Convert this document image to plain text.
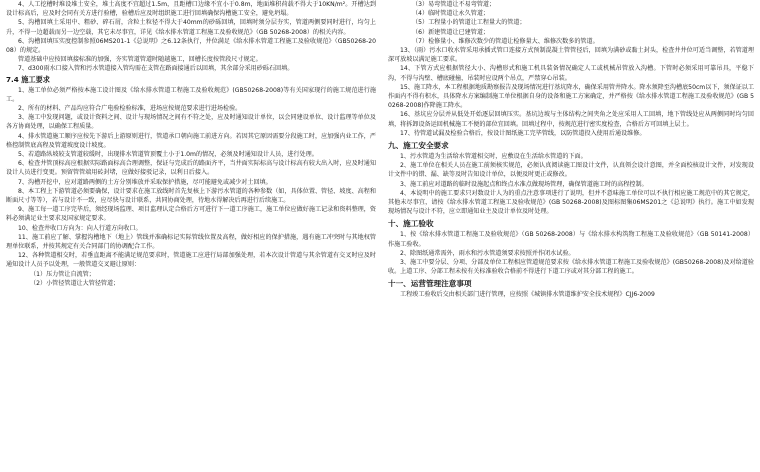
4、人工挖槽时堆设堆土安全，堆土高度不宜超过1.5m，且距槽口边缘不宜小于0.8m，地面堆积荷载不得大于10KN/m²。开槽达到设计标高后，应及时会同有关方进行验槽，验槽后应及时组织施工进行回填确保沟槽施工安全，避免坍塌。

5、沟槽回填土采用中、粗砂、碎石屑，含粒土粒径不得大于40mm的砂砾回填，回填时须分层夯实，管道两侧要同时进行，均匀上升，不得一边超载而另一边空载，其它未尽事宜，详见《给水排水管道工程施工及验收规范》（GB 50268-2008）的相关内容。

6、沟槽回填压实度控制参照06MS201-1《总说明》之6.12条执行，井位满足《给水排水管道工程施工及验收规范》（GB50268-2008）的规定。

管道基础中应按回填接标准的加强，夯实管道管道时随越施工，回槽长度按管段尺寸规定。

7、d300雨水口接入管和污水管道接入管均需在支管在路面接通后以回填，其余部分采用砂砾石回填。

7.4 施工要求

1、施工单位必须严格按本施工设计图及《给水排水管道工程施工及验收规范》(GB50268-2008)等有关国家现行的施工规范进行施工。

2、所有的材料、产品均应符合广电验检验标准，进场应按规范要求进行进场检验。

3、施工中发现问题，或设计资料之间、设计与现场情况之间有不符之处，应及时通知设计单位，以会同建设单位、设计监理等单位及各方协商处理，以确保工程质量。

4、排水管道施工顺序应按先下游后上游原则进行，管道承口朝向施工前进方向。若因其它原因需要分段施工时，应加强内业工作，严格控制管底高程及管道坡度设计坡度。

5、若道路纵坡较支管道较缓时，出现排水管道管顶覆土小于1.0m的情况，必须及时通知设计人员，进行处理。

6、检查井管顶标高应根据实际路面标高合理调整，保证与完成后的路面齐平，当井面实际标高与设计标高有较大出入时，应及时通知设计人员进行变更。预留管管端用砖封堵，应做好接驳记录，以利日后接入。

7、沟槽开挖中，应对道路两侧的土方分别堆放并采取保护措施，尽可能避免或减少对土回填。

8、本工程上下游管道必须要确保，设计要求在施工放线时首先复核上下游污水管道的各种参数（如，具体位置、管径、坡度、高程和断面尺寸等等），若与设计不一致，应尽快与设计联系，共同协商处理，待地水得解决后再进行后续施工。

9、施工每一道工序完毕后，须经现场监理、项目监理认定合格后方可进行下一道工序施工，施工单位应做好施工记录和资料整理，资料必须满足业主要求及国家规定要求。

10、检查井收口方向为：向人行道方向收口。

11、施工前应了解、掌握沟槽地下（地上）管线并准确标记实际管线位置及高程，做好相应的保护措施，遇有施工冲突时与其地权管理单位联系，并按其规定有关合同部门的协调配合工作。

12、各种管道相交时，若垂直距离不能满足规范要求时，管道施工应进行局部加强处理，若本次设计管道与其余管道有交叉时应及时通知设计人员予以处理，一般管道交叉避让原则：

（1）压力管让自流管；

（2）小管径管道让大管径管道；

（3）易弯管道让不易弯管道；

（4）临时管道让永久管道；

（5）工程量小的管道让工程量大的管道；

（6）新建管道让已建管道；

（7）检修量小、维修次数少的管道让检修量大、维修次数多的管道。

13、（雨）污水口收水管采用承插式管口连接方式预制混凝土管管径后，回填为满砂或黏土封头，检查井井位可适当调整，若管道埋深可放坡以满足施工要求。

14、下管方式应根据管径大小、沟槽形式和施工机具装备情况确定人工或机械吊管放入沟槽。下管时必须采用可靠吊具，平稳下沟，不得与沟壁、槽底碰撞，吊装时应设两个吊点，严禁穿心吊装。

15、施工降水，本工程根据地质勘察报告及现场情况进行基坑降水，确保采用管井降水。降水须降至沟槽底50cm以下，须保证以工作面内不得有积水，具体降水方案编制施工单位根据自身的设备和施工方案确定，并严格按《给水排水管道工程施工及验收规范》(GB 50268-2008)作降施工降水。

16、基坑应分层并从低处开始逐层回填压实。基坑边坡与主体结构之间夹角之处应采用人工回填，地下管线处应从两侧同时均匀回填，将拆卸设备运回机械施工不便的部位宜回填。回填过程中，按规范进行密实度检查，合格后方可回填上层土。

17、待管道试漏及检验合格后，按设计图纸施工完毕管线，以防管道投入使用后通设维修。

九、施工安全要求

1、污水管道为生活给水管道相交时，应敷设在生活给水管道的下面。

2、施工单位在相关人员在施工前须核实规范，必须认真阅读施工图设计文件，认真领会设计意图，并全面校核设计文件，对发现设计文件中的错、漏、缺等及时告知设计单位，以便及时更正或修改。

3、施工前应对道路的临时设施起点和终点水准点做现场管理，确保管道施工时的高程控制。

4、本说明中的施工要求只对数设计人为的重点注意事项进行了说明，但并不意味施工单位可以不执行相应施工规范中的其它规定，其他未尽事宜，请按《给水排水管道工程施工及验收规范》(GB 50268-2008)及图标图集06MS201之《总说明》执行。施工中如发现现场情况与设计不符，应立即通知业主及设计单位及时处理。

十、施工验收

1、按《给水排水管道工程施工及验收规范》（GB 50268-2008）与《给水排水构筑物工程施工及验收规范》（GB 50141-2008）作施工验收。

2、除图纸通常需外，雨水和污水管道须要求按照并作闭水试验。

3、施工中要分层、分项、分部及单位工程相应管道规范要求按《给水排水管道工程施工及验收规范》(GB50268-2008)及对给道验收。上道工序、分部工程未按有关标准验收合格前不得进行下道工序或对其分部工程的施工。

十一、运营管理注意事项

工程竣工验收后交由相关部门进行管理，应按照《城镇排水管道维护安全技术规程》CJJ6-2009
